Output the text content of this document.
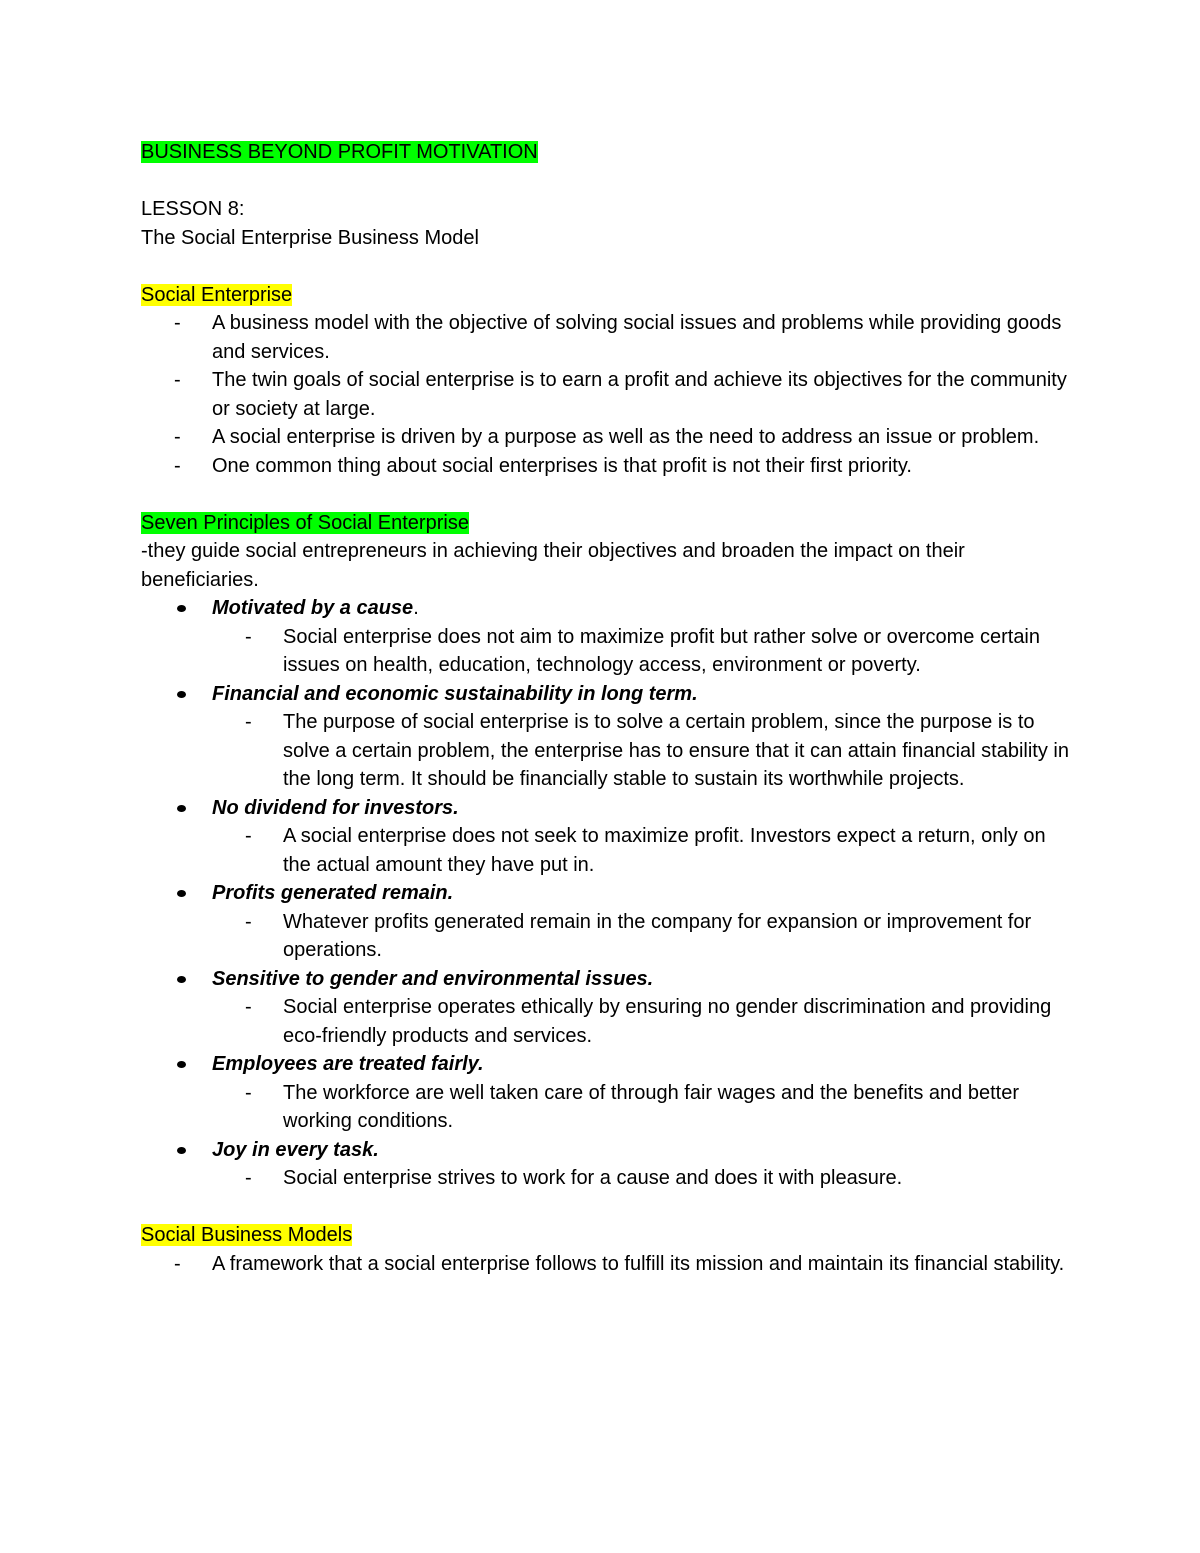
BUSINESS BEYOND PROFIT MOTIVATION
LESSON 8:
The Social Enterprise Business Model
Social Enterprise
- A business model with the objective of solving social issues and problems while providing goods and services.
- The twin goals of social enterprise is to earn a profit and achieve its objectives for the community or society at large.
- A social enterprise is driven by a purpose as well as the need to address an issue or problem.
- One common thing about social enterprises is that profit is not their first priority.
Seven Principles of Social Enterprise
-they guide social entrepreneurs in achieving their objectives and broaden the impact on their beneficiaries.
Motivated by a cause.
- Social enterprise does not aim to maximize profit but rather solve or overcome certain issues on health, education, technology access, environment or poverty.
Financial and economic sustainability in long term.
- The purpose of social enterprise is to solve a certain problem, since the purpose is to solve a certain problem, the enterprise has to ensure that it can attain financial stability in the long term. It should be financially stable to sustain its worthwhile projects.
No dividend for investors.
- A social enterprise does not seek to maximize profit. Investors expect a return, only on the actual amount they have put in.
Profits generated remain.
- Whatever profits generated remain in the company for expansion or improvement for operations.
Sensitive to gender and environmental issues.
- Social enterprise operates ethically by ensuring no gender discrimination and providing eco-friendly products and services.
Employees are treated fairly.
- The workforce are well taken care of through fair wages and the benefits and better working conditions.
Joy in every task.
- Social enterprise strives to work for a cause and does it with pleasure.
Social Business Models
- A framework that a social enterprise follows to fulfill its mission and maintain its financial stability.
